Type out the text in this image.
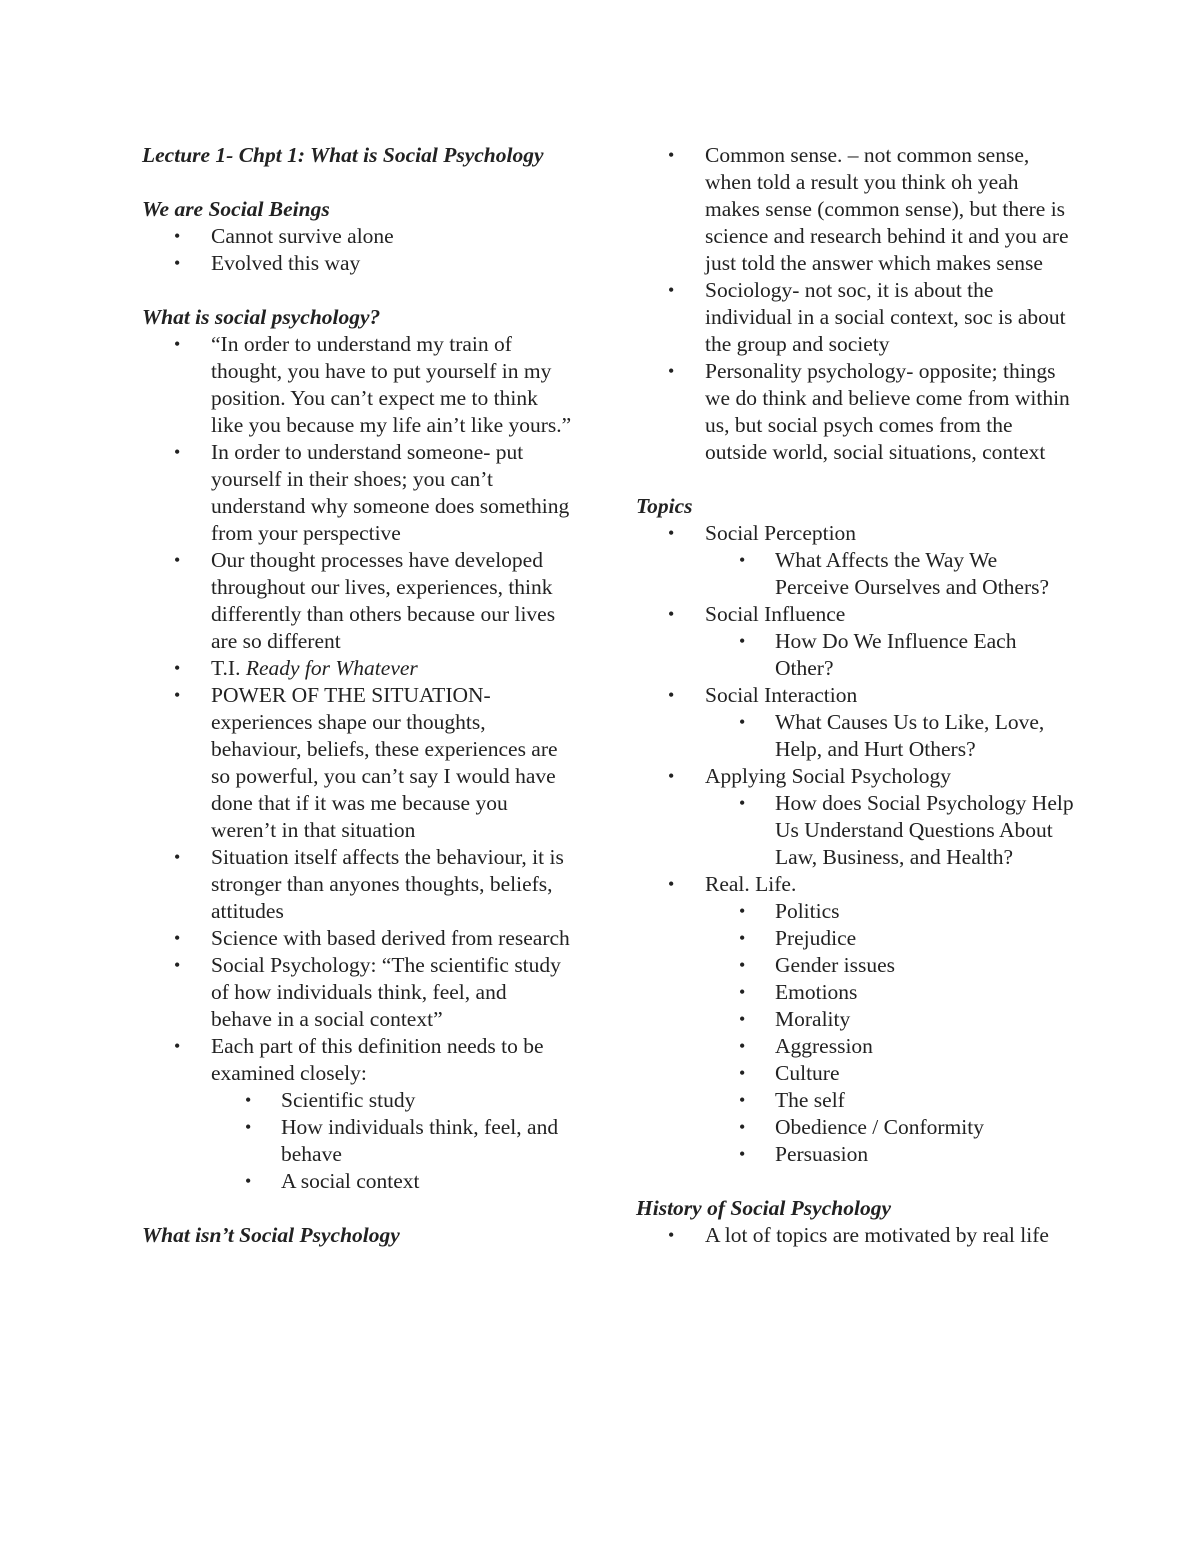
Lecture 1- Chpt 1: What is Social Psychology

We are Social Beings

• Cannot survive alone
• Evolved this way

What is social psychology?

• “In order to understand my train of thought, you have to put yourself in my position. You can’t expect me to think like you because my life ain’t like yours.”
• In order to understand someone- put yourself in their shoes; you can’t understand why someone does something from your perspective
• Our thought processes have developed throughout our lives, experiences, think differently than others because our lives are so different
• T.I. Ready for Whatever
• POWER OF THE SITUATION- experiences shape our thoughts, behaviour, beliefs, these experiences are so powerful, you can’t say I would have done that if it was me because you weren’t in that situation
• Situation itself affects the behaviour, it is stronger than anyones thoughts, beliefs, attitudes
• Science with based derived from research
• Social Psychology: “The scientific study of how individuals think, feel, and behave in a social context”
• Each part of this definition needs to be examined closely:
• Scientific study
• How individuals think, feel, and behave
• A social context

What isn’t Social Psychology

• Common sense. – not common sense, when told a result you think oh yeah makes sense (common sense), but there is science and research behind it and you are just told the answer which makes sense
• Sociology- not soc, it is about the individual in a social context, soc is about the group and society
• Personality psychology- opposite; things we do think and believe come from within us, but social psych comes from the outside world, social situations, context

Topics

• Social Perception
• What Affects the Way We Perceive Ourselves and Others?
• Social Influence
• How Do We Influence Each Other?
• Social Interaction
• What Causes Us to Like, Love, Help, and Hurt Others?
• Applying Social Psychology
• How does Social Psychology Help Us Understand Questions About Law, Business, and Health?
• Real. Life.
• Politics
• Prejudice
• Gender issues
• Emotions
• Morality
• Aggression
• Culture
• The self
• Obedience / Conformity
• Persuasion

History of Social Psychology

• A lot of topics are motivated by real life
